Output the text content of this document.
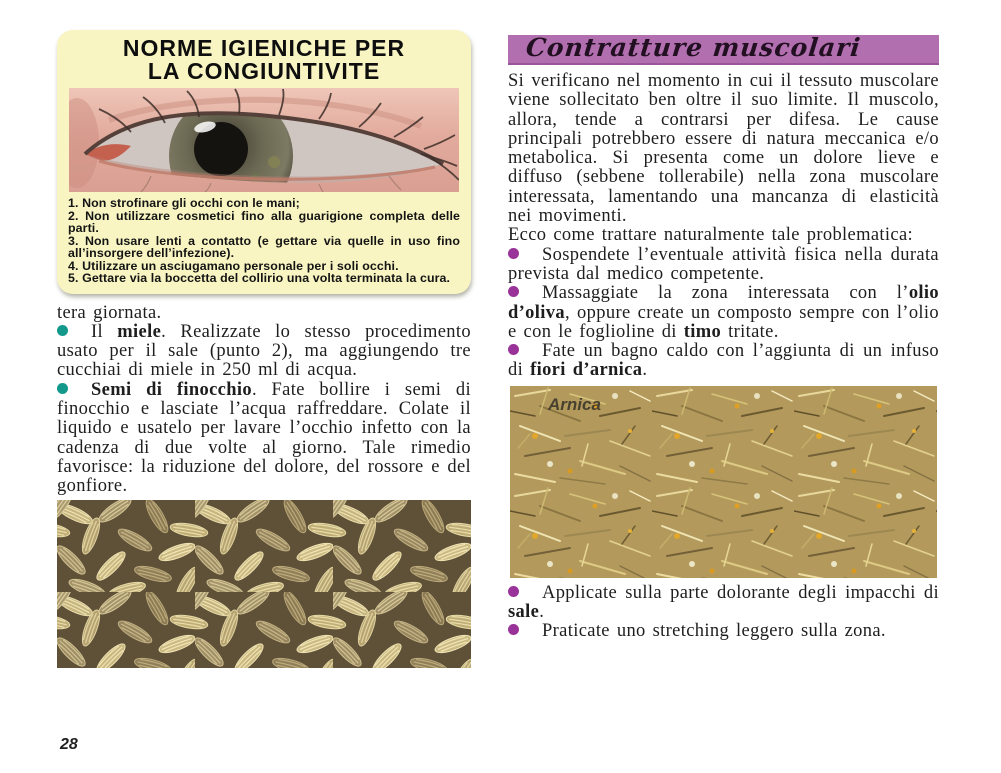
NORME IGIENICHE PER
LA CONGIUNTIVITE

1. Non strofinare gli occhi con le mani;

2. Non utilizzare cosmetici fino alla guarigione completa delle parti.

3. Non usare lenti a contatto (e gettare via quelle in uso fino all’insorgere dell’infezione).

4. Utilizzare un asciugamano personale per i soli occhi.

5. Gettare via la boccetta del collirio una volta terminata la cura.

tera giornata.

Il miele. Realizzate lo stesso procedimento usato per il sale (punto 2), ma aggiungendo tre cucchiai di miele in 250 ml di acqua.

Semi di finocchio. Fate bollire i semi di finocchio e lasciate l’acqua raffreddare. Colate il liquido e usatelo per lavare l’occhio infetto con la cadenza di due volte al giorno. Tale rimedio favorisce: la riduzione del dolore, del rossore e del gonfiore.

Contratture muscolari

Si verificano nel momento in cui il tessuto muscolare viene sollecitato ben oltre il suo limite. Il muscolo, allora, tende a contrarsi per difesa. Le cause principali potrebbero essere di natura meccanica e/o metabolica. Si presenta come un dolore lieve e diffuso (sebbene tollerabile) nella zona muscolare interessata, lamentando una mancanza di elasticità nei movimenti.

Ecco come trattare naturalmente tale problematica:

Sospendete l’eventuale attività fisica nella durata prevista dal medico competente.

Massaggiate la zona interessata con l’olio d’oliva, oppure create un composto sempre con l’olio e con le foglioline di timo tritate.

Fate un bagno caldo con l’aggiunta di un infuso di fiori d’arnica.

Arnica

Applicate sulla parte dolorante degli impacchi di sale.

Praticate uno stretching leggero sulla zona.

28
